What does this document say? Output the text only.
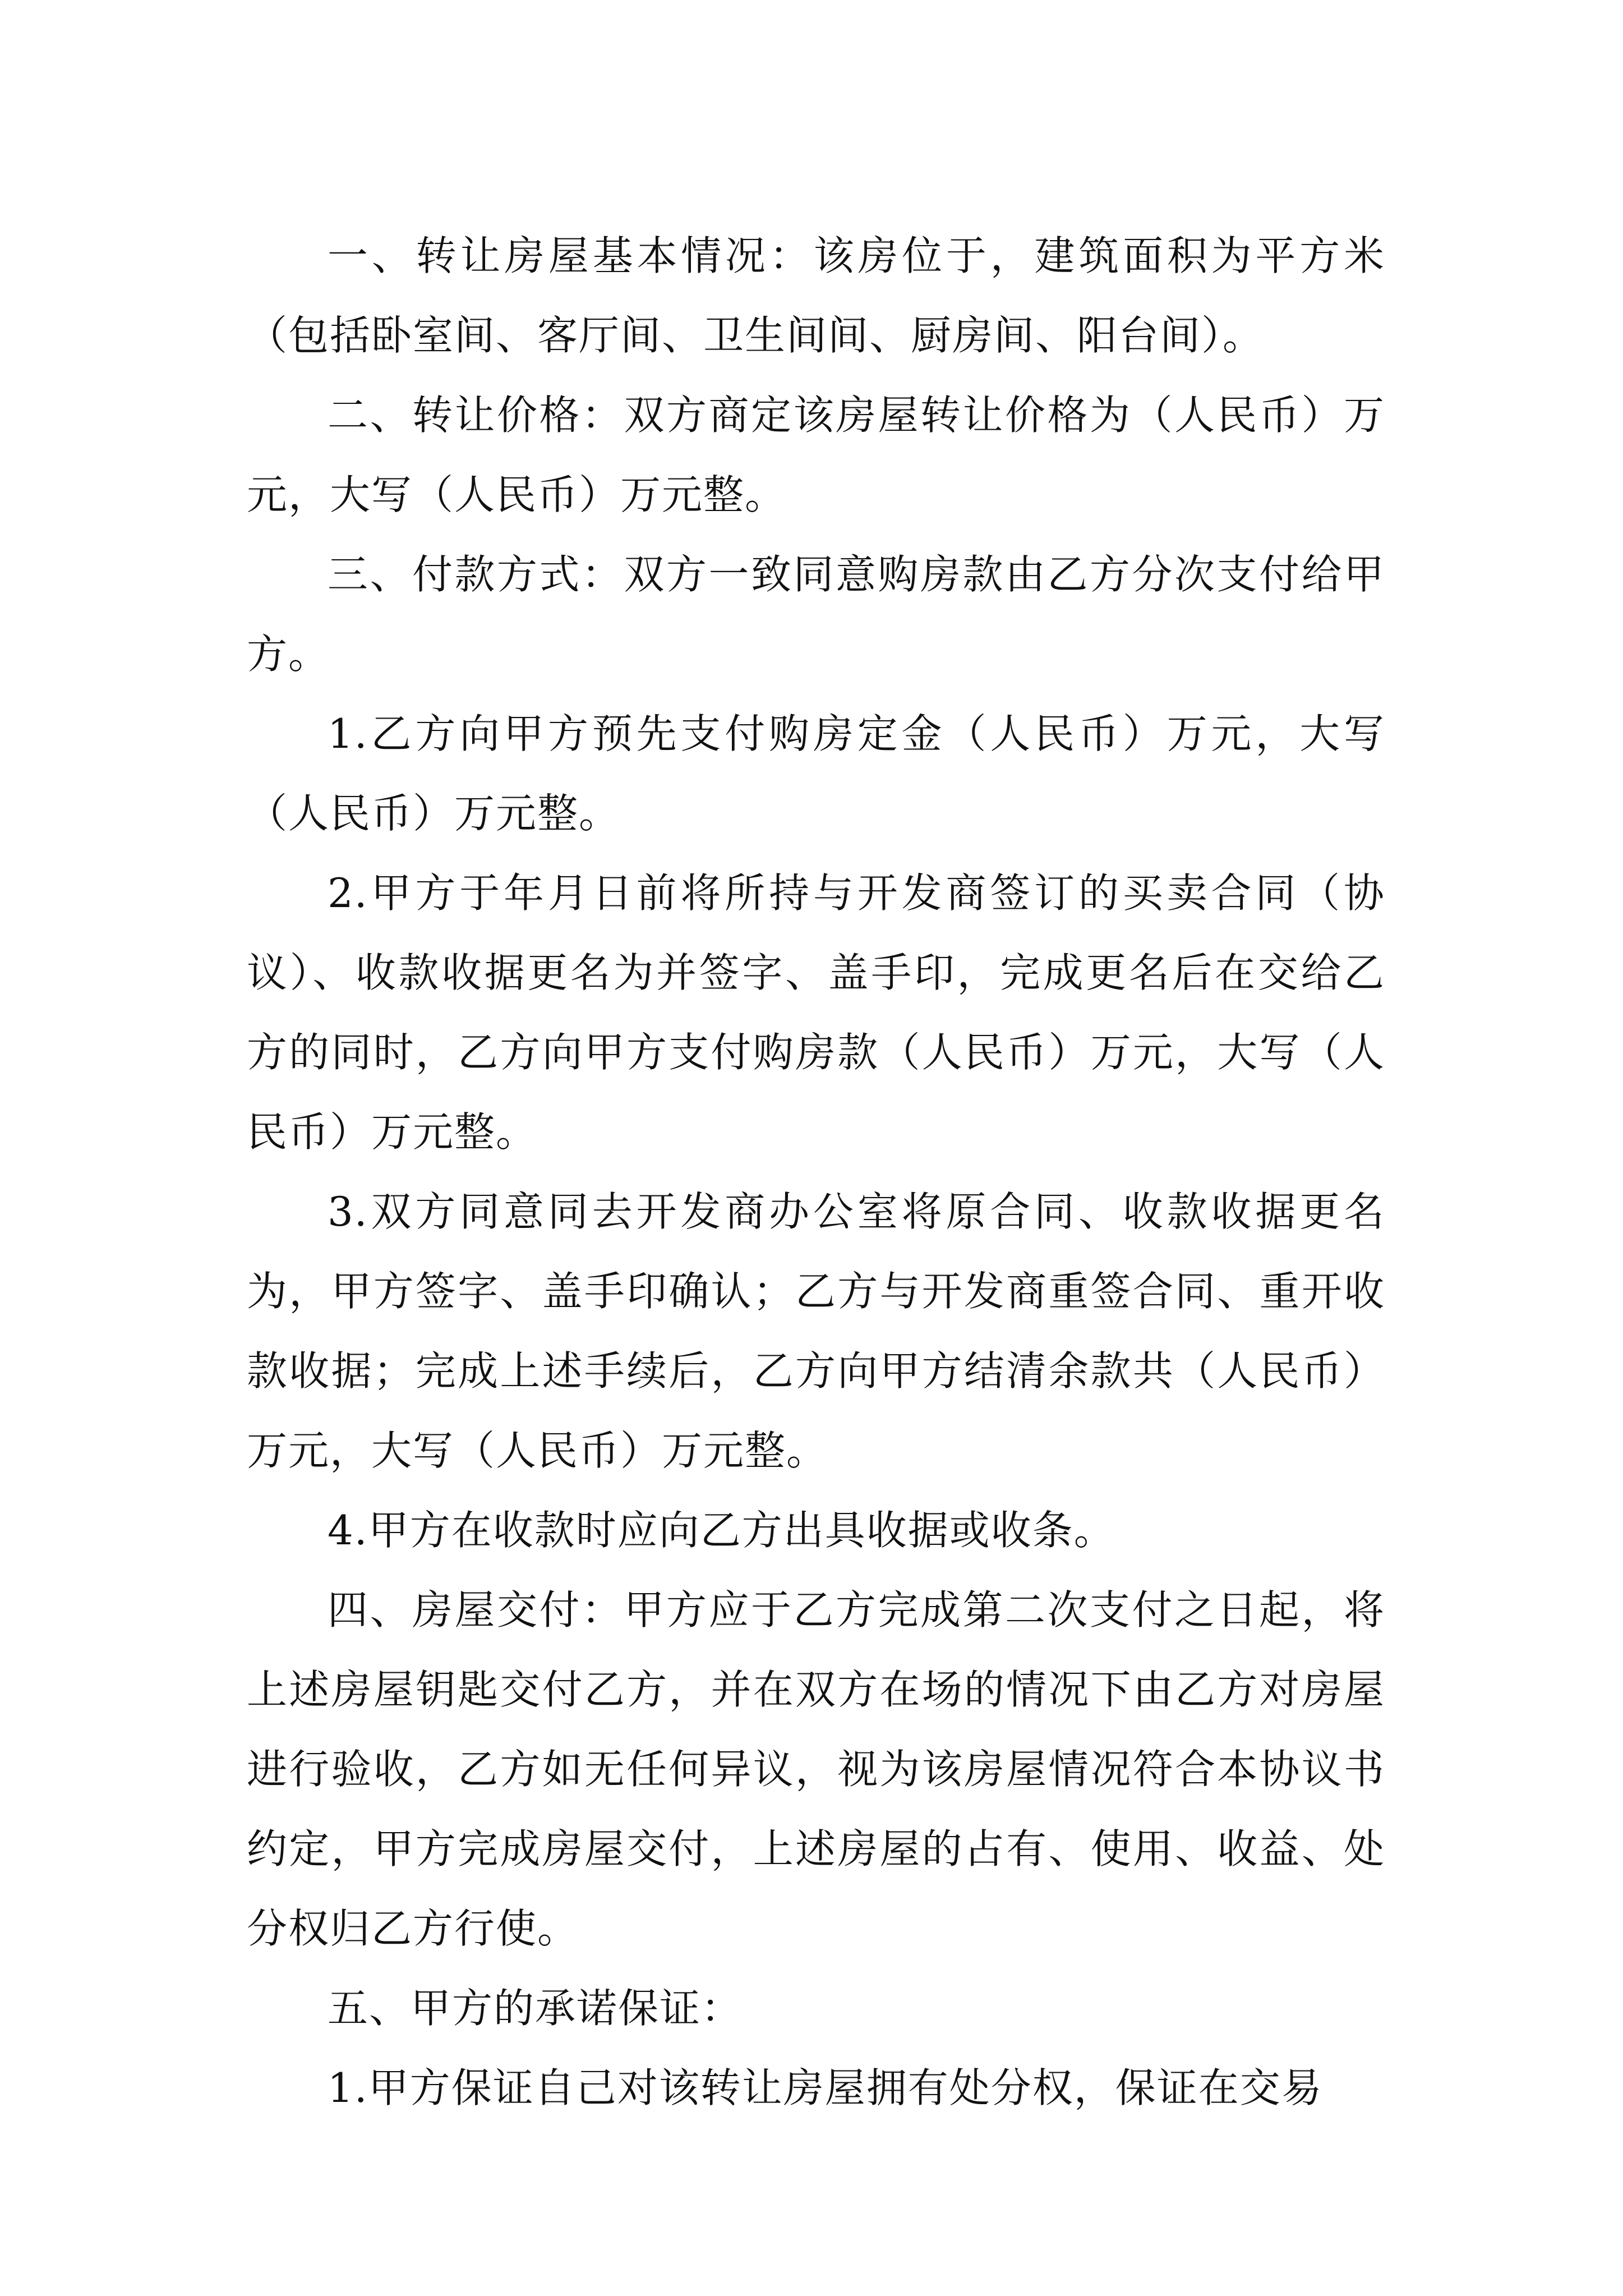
一、转让房屋基本情况：该房位于，建筑面积为平方米（包括卧室间、客厅间、卫生间间、厨房间、阳台间）。

二、转让价格：双方商定该房屋转让价格为（人民币）万元，大写（人民币）万元整。

三、付款方式：双方一致同意购房款由乙方分次支付给甲方。

1.乙方向甲方预先支付购房定金（人民币）万元，大写（人民币）万元整。

2.甲方于年月日前将所持与开发商签订的买卖合同（协议）、收款收据更名为并签字、盖手印，完成更名后在交给乙方的同时，乙方向甲方支付购房款（人民币）万元，大写（人民币）万元整。

3.双方同意同去开发商办公室将原合同、收款收据更名为，甲方签字、盖手印确认；乙方与开发商重签合同、重开收款收据；完成上述手续后，乙方向甲方结清余款共（人民币）万元，大写（人民币）万元整。

4.甲方在收款时应向乙方出具收据或收条。

四、房屋交付：甲方应于乙方完成第二次支付之日起，将上述房屋钥匙交付乙方，并在双方在场的情况下由乙方对房屋进行验收，乙方如无任何异议，视为该房屋情况符合本协议书约定，甲方完成房屋交付，上述房屋的占有、使用、收益、处分权归乙方行使。

五、甲方的承诺保证：

1.甲方保证自己对该转让房屋拥有处分权，保证在交易
